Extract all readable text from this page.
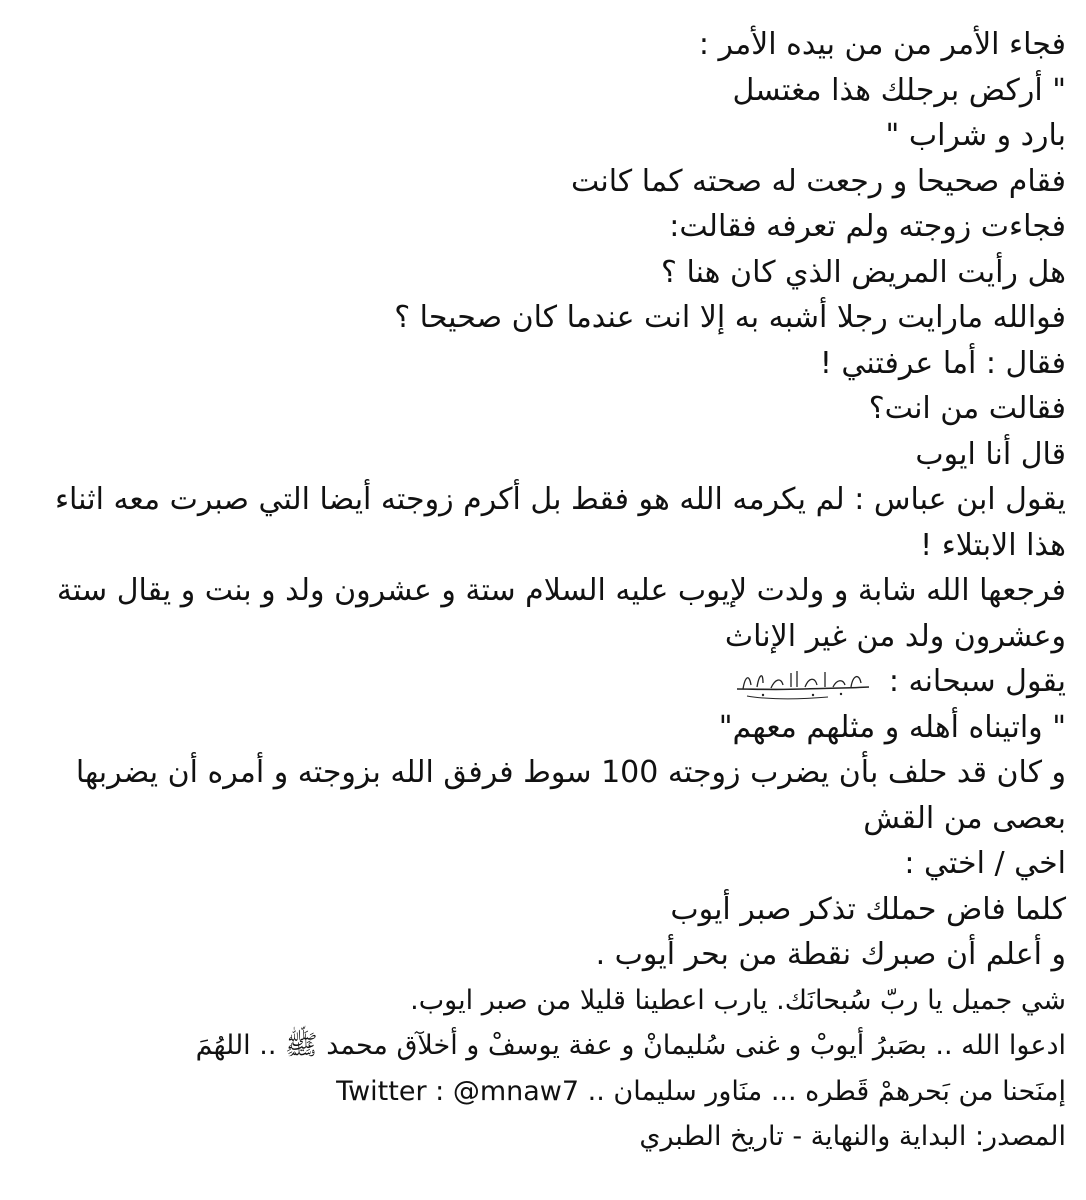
فجاء الأمر من من بيده الأمر :
" أركض برجلك هذا مغتسل
بارد و شراب "
فقام صحيحا و رجعت له صحته كما كانت
فجاءت زوجته ولم تعرفه فقالت:
هل رأيت المريض الذي كان هنا ؟
فوالله مارايت رجلا أشبه به إلا انت عندما كان صحيحا ؟
فقال : أما عرفتني !
فقالت من انت؟
قال أنا ايوب
يقول ابن عباس : لم يكرمه الله هو فقط بل أكرم زوجته أيضا التي صبرت معه اثناء
هذا الابتلاء !
فرجعها الله شابة و ولدت لإيوب عليه السلام ستة و عشرون ولد و بنت و يقال ستة
وعشرون ولد من غير الإناث
يقول سبحانه :
" واتيناه أهله و مثلهم معهم"
و كان قد حلف بأن يضرب زوجته 100 سوط فرفق الله بزوجته و أمره أن يضربها
بعصى من القش
اخي / اختي :
كلما فاض حملك تذكر صبر أيوب
و أعلم أن صبرك نقطة من بحر أيوب .
شي جميل يا ربّ سُبحانَك. يارب اعطينا قليلا من صبر ايوب.
ادعوا الله .. بصَبرُ أيوبْ و غنى سُليمانْ و عفة يوسفْ و أخلآق محمد ﷺ .. اللهُمَ
إمنَحنا من بَحرهمْ قَطره ... منَاور سليمان .. Twitter : @mnaw7
المصدر: البداية والنهاية - تاريخ الطبري
